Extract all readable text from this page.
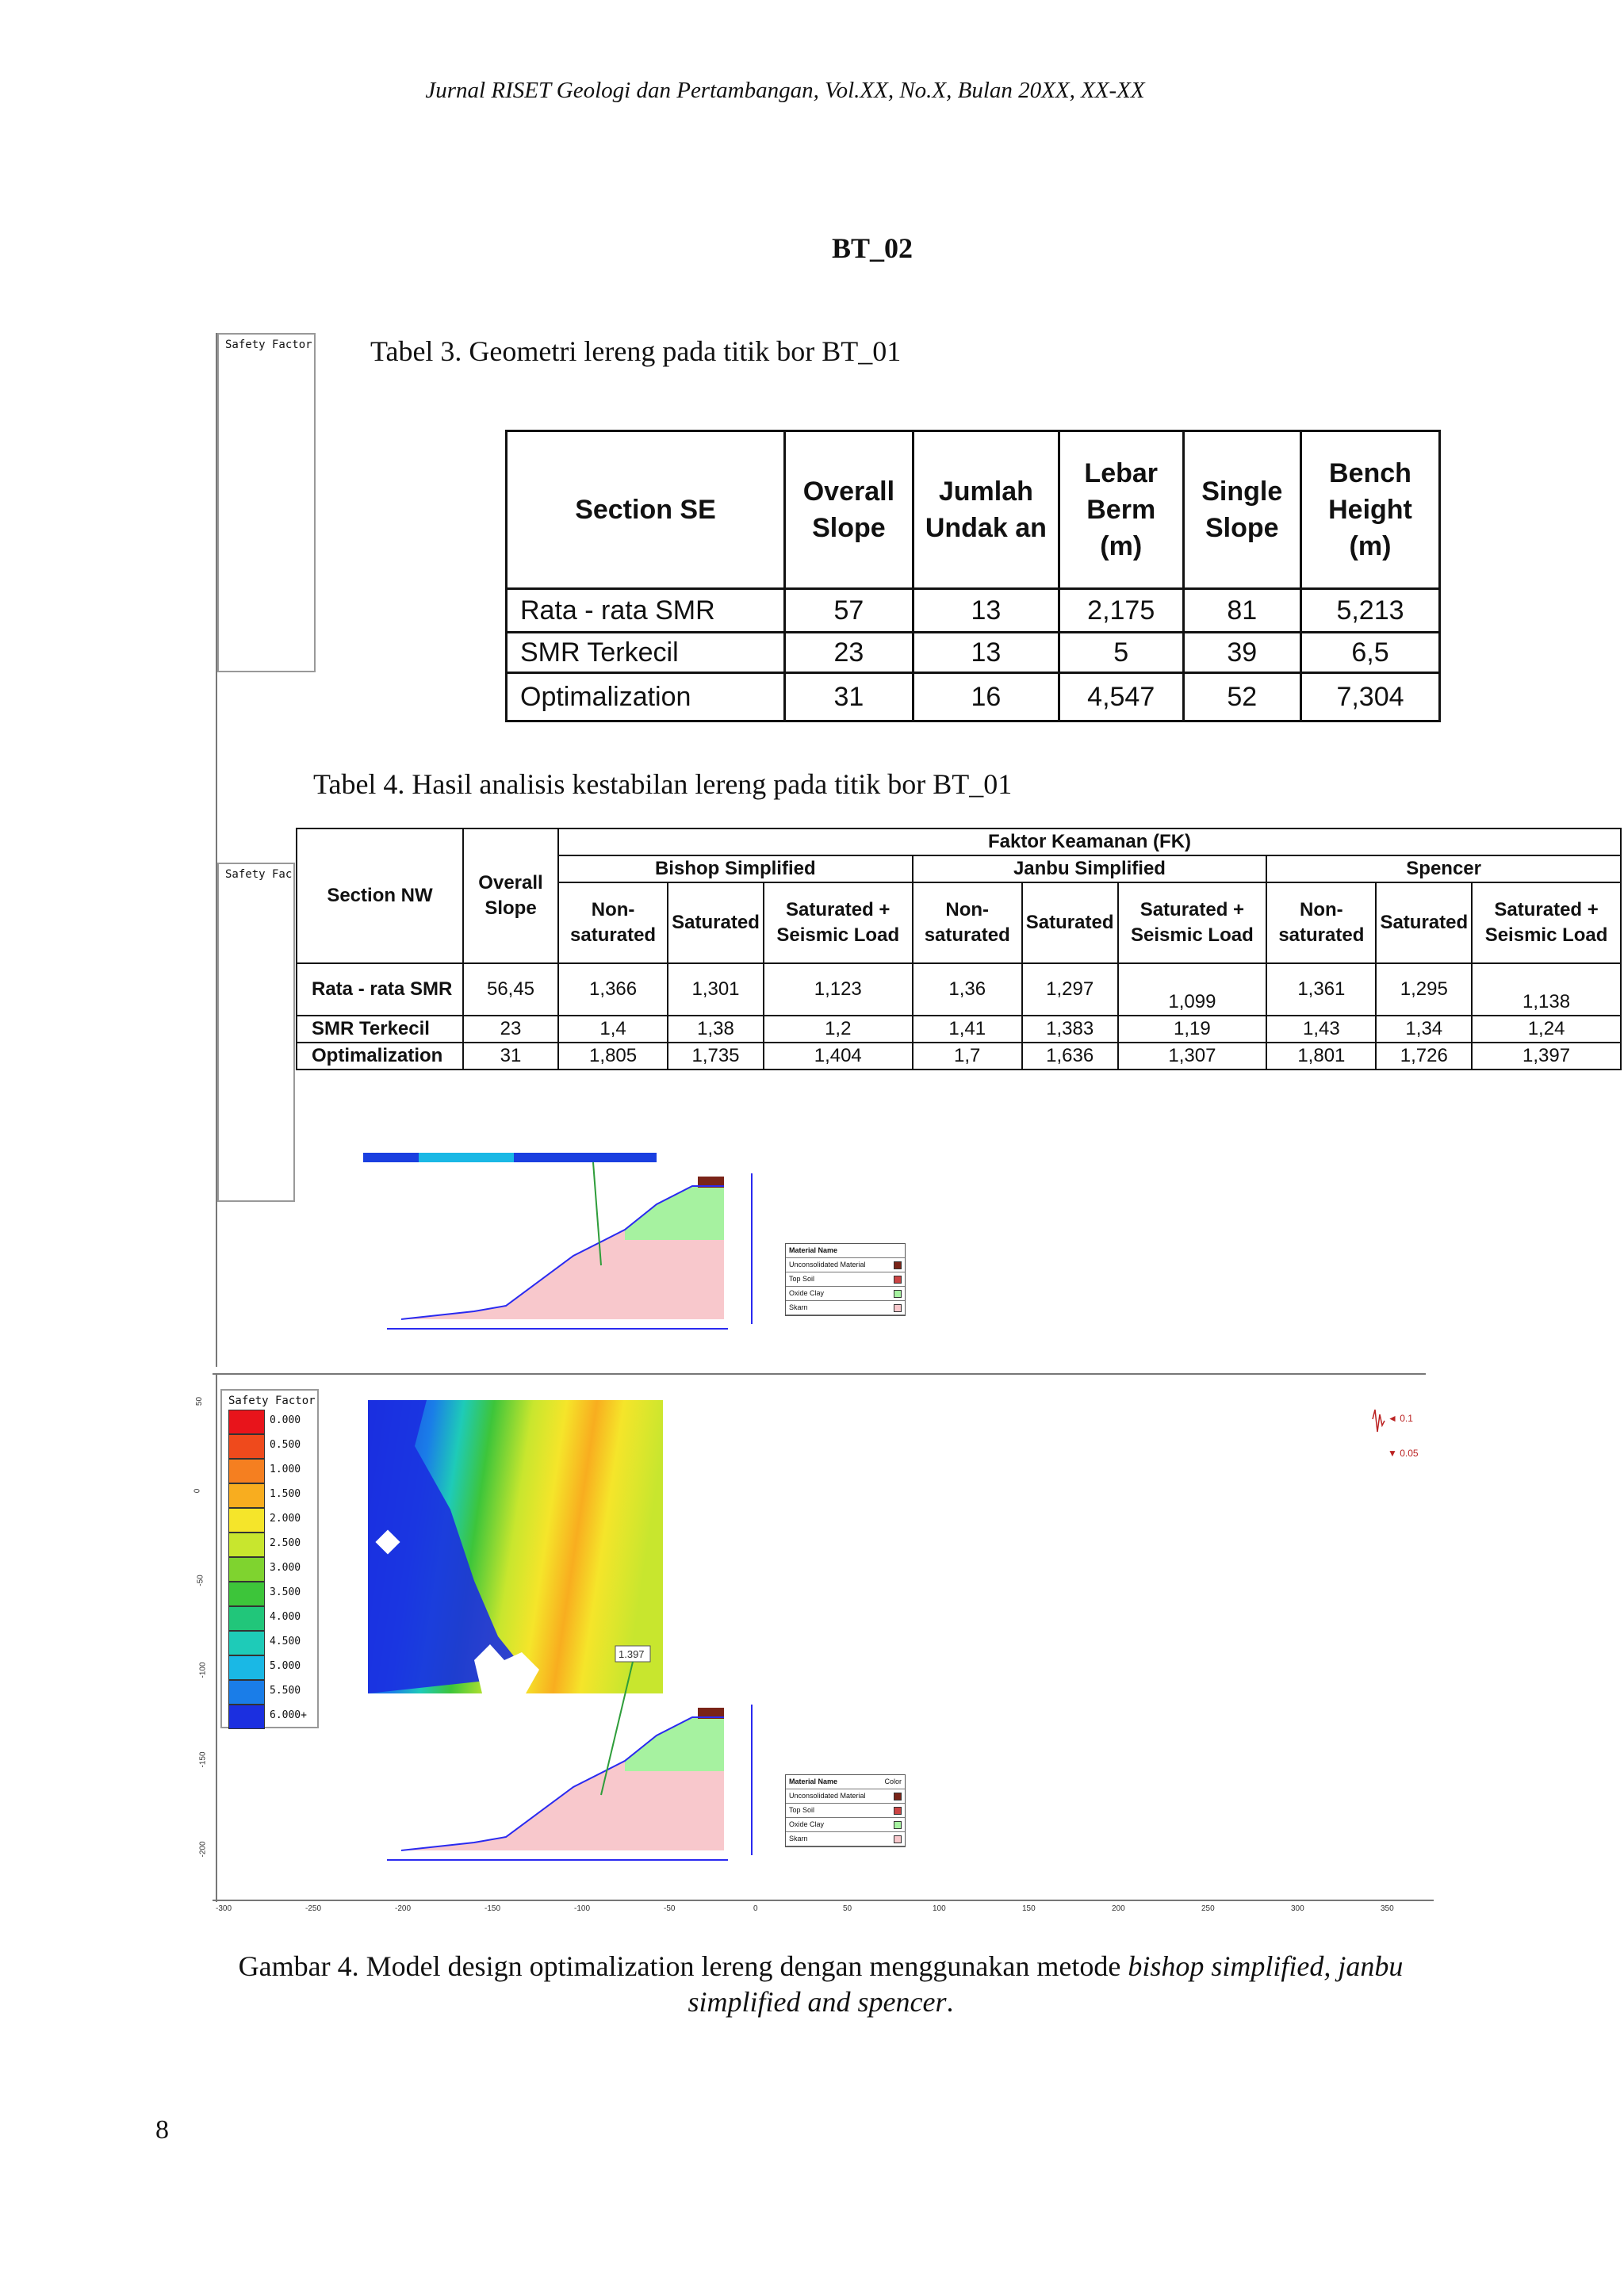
Jurnal RISET Geologi dan Pertambangan, Vol.XX, No.X, Bulan 20XX, XX-XX
BT_02
Safety Factor
Safety Fac
Material Name
Unconsolidated Material
Top Soil
Oxide Clay
Skarn
Safety Factor
0.000
0.500
1.000
1.500
2.000
2.500
3.000
3.500
4.000
4.500
5.000
5.500
6.000+
1.397
◄ 0.1
▼ 0.05
Material Name	Color
Unconsolidated Material
Top Soil
Oxide Clay
Skarn
-300	-250	-200	-150	-100	-50	0	50	100	150	200	250	300	350
50
0
-50
-100
-150
-200
Tabel 3. Geometri lereng pada titik bor BT_01
Section SE	Overall Slope	Jumlah Undak an	Lebar Berm (m)	Single Slope	Bench Height (m)
Rata - rata SMR	57	13	2,175	81	5,213
SMR Terkecil	23	13	5	39	6,5
Optimalization	31	16	4,547	52	7,304
Tabel 4. Hasil analisis kestabilan lereng pada titik bor BT_01
Section NW	Overall Slope	Faktor Keamanan (FK)								
		Bishop Simplified			Janbu Simplified			Spencer		
		Non-saturated	Saturated	Saturated + Seismic Load	Non-saturated	Saturated	Saturated + Seismic Load	Non-saturated	Saturated	Saturated + Seismic Load
Rata - rata SMR	56,45	1,366	1,301	1,123	1,36	1,297	1,099	1,361	1,295	1,138
SMR Terkecil	23	1,4	1,38	1,2	1,41	1,383	1,19	1,43	1,34	1,24
Optimalization	31	1,805	1,735	1,404	1,7	1,636	1,307	1,801	1,726	1,397
Gambar 4. Model design optimalization lereng dengan menggunakan metode bishop simplified, janbu simplified and spencer.
8
